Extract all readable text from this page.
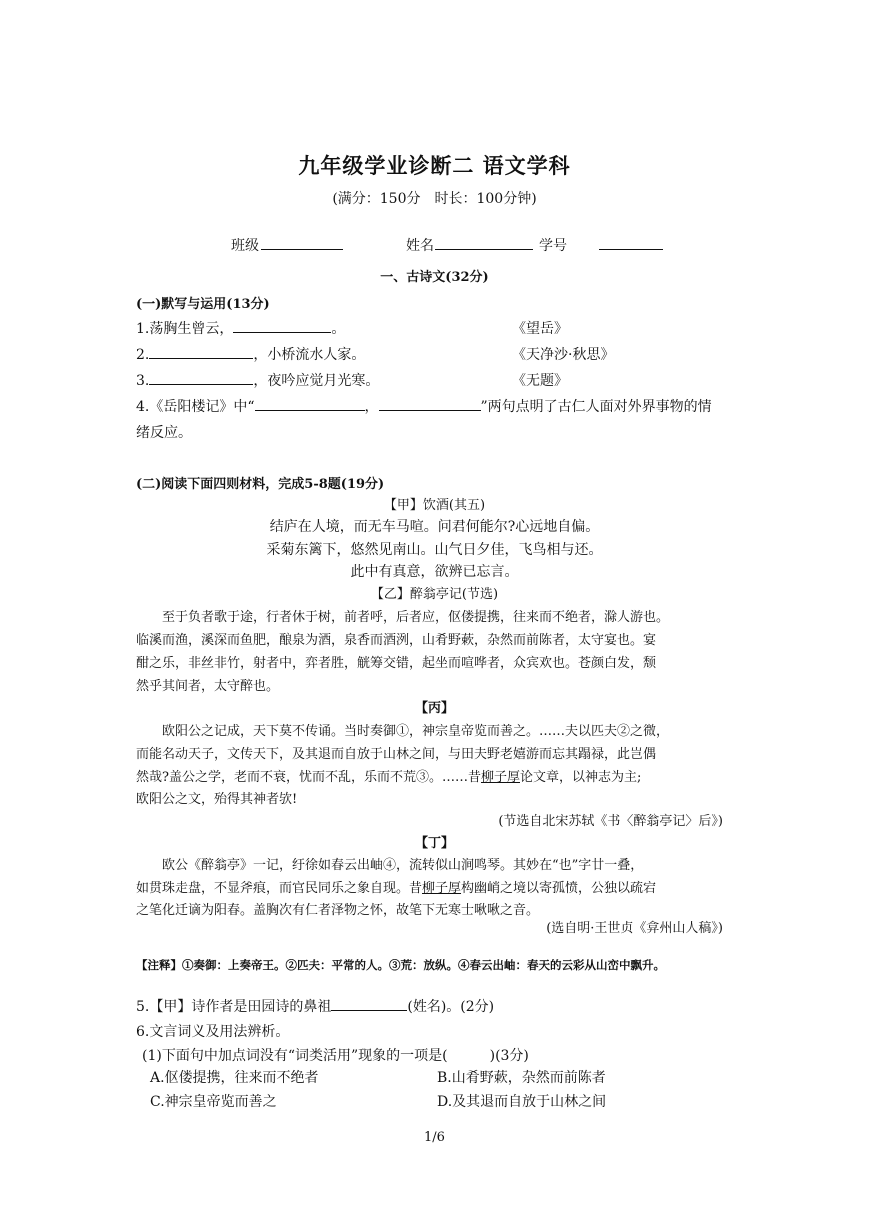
九年级学业诊断二 语文学科
(满分：150分　时长：100分钟)
班级	姓名	学号
一、古诗文(32分)
(一)默写与运用(13分)
1.荡胸生曾云，	。	《望岳》
2.	，小桥流水人家。	《天净沙·秋思》
3.	，夜吟应觉月光寒。	《无题》
4.《岳阳楼记》中“	，	”两句点明了古仁人面对外界事物的情
绪反应。
(二)阅读下面四则材料，完成5-8题(19分)
【甲】饮酒(其五)
结庐在人境，而无车马喧。问君何能尔?心远地自偏。
采菊东篱下，悠然见南山。山气日夕佳，飞鸟相与还。
此中有真意，欲辨已忘言。
【乙】醉翁亭记(节选)
　　至于负者歌于途，行者休于树，前者呼，后者应，伛偻提携，往来而不绝者，滁人游也。
临溪而渔，溪深而鱼肥，酿泉为酒，泉香而酒洌，山肴野蔌，杂然而前陈者，太守宴也。宴
酣之乐，非丝非竹，射者中，弈者胜，觥筹交错，起坐而喧哗者，众宾欢也。苍颜白发，颓
然乎其间者，太守醉也。
【丙】
　　欧阳公之记成，天下莫不传诵。当时奏御①，神宗皇帝览而善之。……夫以匹夫②之微，
而能名动天子，文传天下，及其退而自放于山林之间，与田夫野老嬉游而忘其蹋禄，此岂偶
然哉?盖公之学，老而不衰，忧而不乱，乐而不荒③。……昔柳子厚论文章，以神志为主;
欧阳公之文，殆得其神者欤!
(节选自北宋苏轼《书〈醉翁亭记〉后》)
【丁】
　　欧公《醉翁亭》一记，纡徐如春云出岫④，流转似山涧鸣琴。其妙在“也”字廿一叠，
如贯珠走盘，不显斧痕，而官民同乐之象自现。昔柳子厚构幽峭之境以寄孤愤，公独以疏宕
之笔化迁谪为阳春。盖胸次有仁者泽物之怀，故笔下无寒士啾啾之音。
(选自明·王世贞《弇州山人稿》)
【注释】①奏御：上奏帝王。②匹夫：平常的人。③荒：放纵。④春云出岫：春天的云彩从山峦中飘升。
5.【甲】诗作者是田园诗的鼻祖	(姓名)。(2分)
6.文言词义及用法辨析。
(1)下面句中加点词没有“词类活用”现象的一项是(　　　)(3分)
A.伛偻提携，往来而不绝者	B.山肴野蔌，杂然而前陈者
C.神宗皇帝览而善之	D.及其退而自放于山林之间
1/6
